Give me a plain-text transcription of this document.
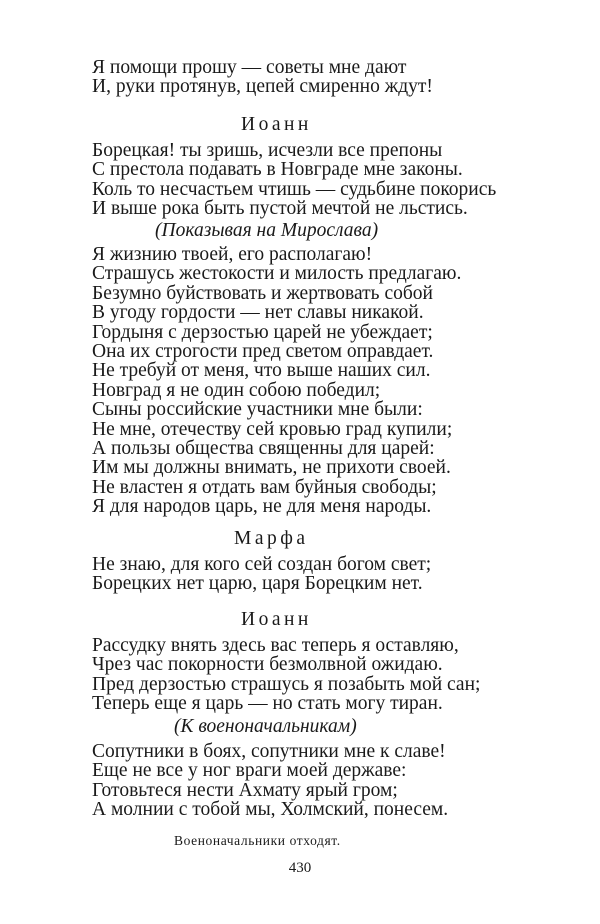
Я помощи прошу — советы мне дают
И, руки протянув, цепей смиренно ждут!
Иоанн
Борецкая! ты зришь, исчезли все препоны
С престола подавать в Новграде мне законы.
Коль то несчастьем чтишь — судьбине покорись
И выше рока быть пустой мечтой не льстись.
(Показывая на Мирослава)
Я жизнию твоей, его располагаю!
Страшусь жестокости и милость предлагаю.
Безумно буйствовать и жертвовать собой
В угоду гордости — нет славы никакой.
Гордыня с дерзостью царей не убеждает;
Она их строгости пред светом оправдает.
Не требуй от меня, что выше наших сил.
Новград я не один собою победил;
Сыны российские участники мне были:
Не мне, отечеству сей кровью град купили;
А пользы общества священны для царей:
Им мы должны внимать, не прихоти своей.
Не властен я отдать вам буйныя свободы;
Я для народов царь, не для меня народы.
Марфа
Не знаю, для кого сей создан богом свет;
Борецких нет царю, царя Борецким нет.
Иоанн
Рассудку внять здесь вас теперь я оставляю,
Чрез час покорности безмолвной ожидаю.
Пред дерзостью страшусь я позабыть мой сан;
Теперь еще я царь — но стать могу тиран.
(К военоначальникам)
Сопутники в боях, сопутники мне к славе!
Еще не все у ног враги моей державе:
Готовьтеся нести Ахмату ярый гром;
А молнии с тобой мы, Холмский, понесем.
Военоначальники отходят.
430
